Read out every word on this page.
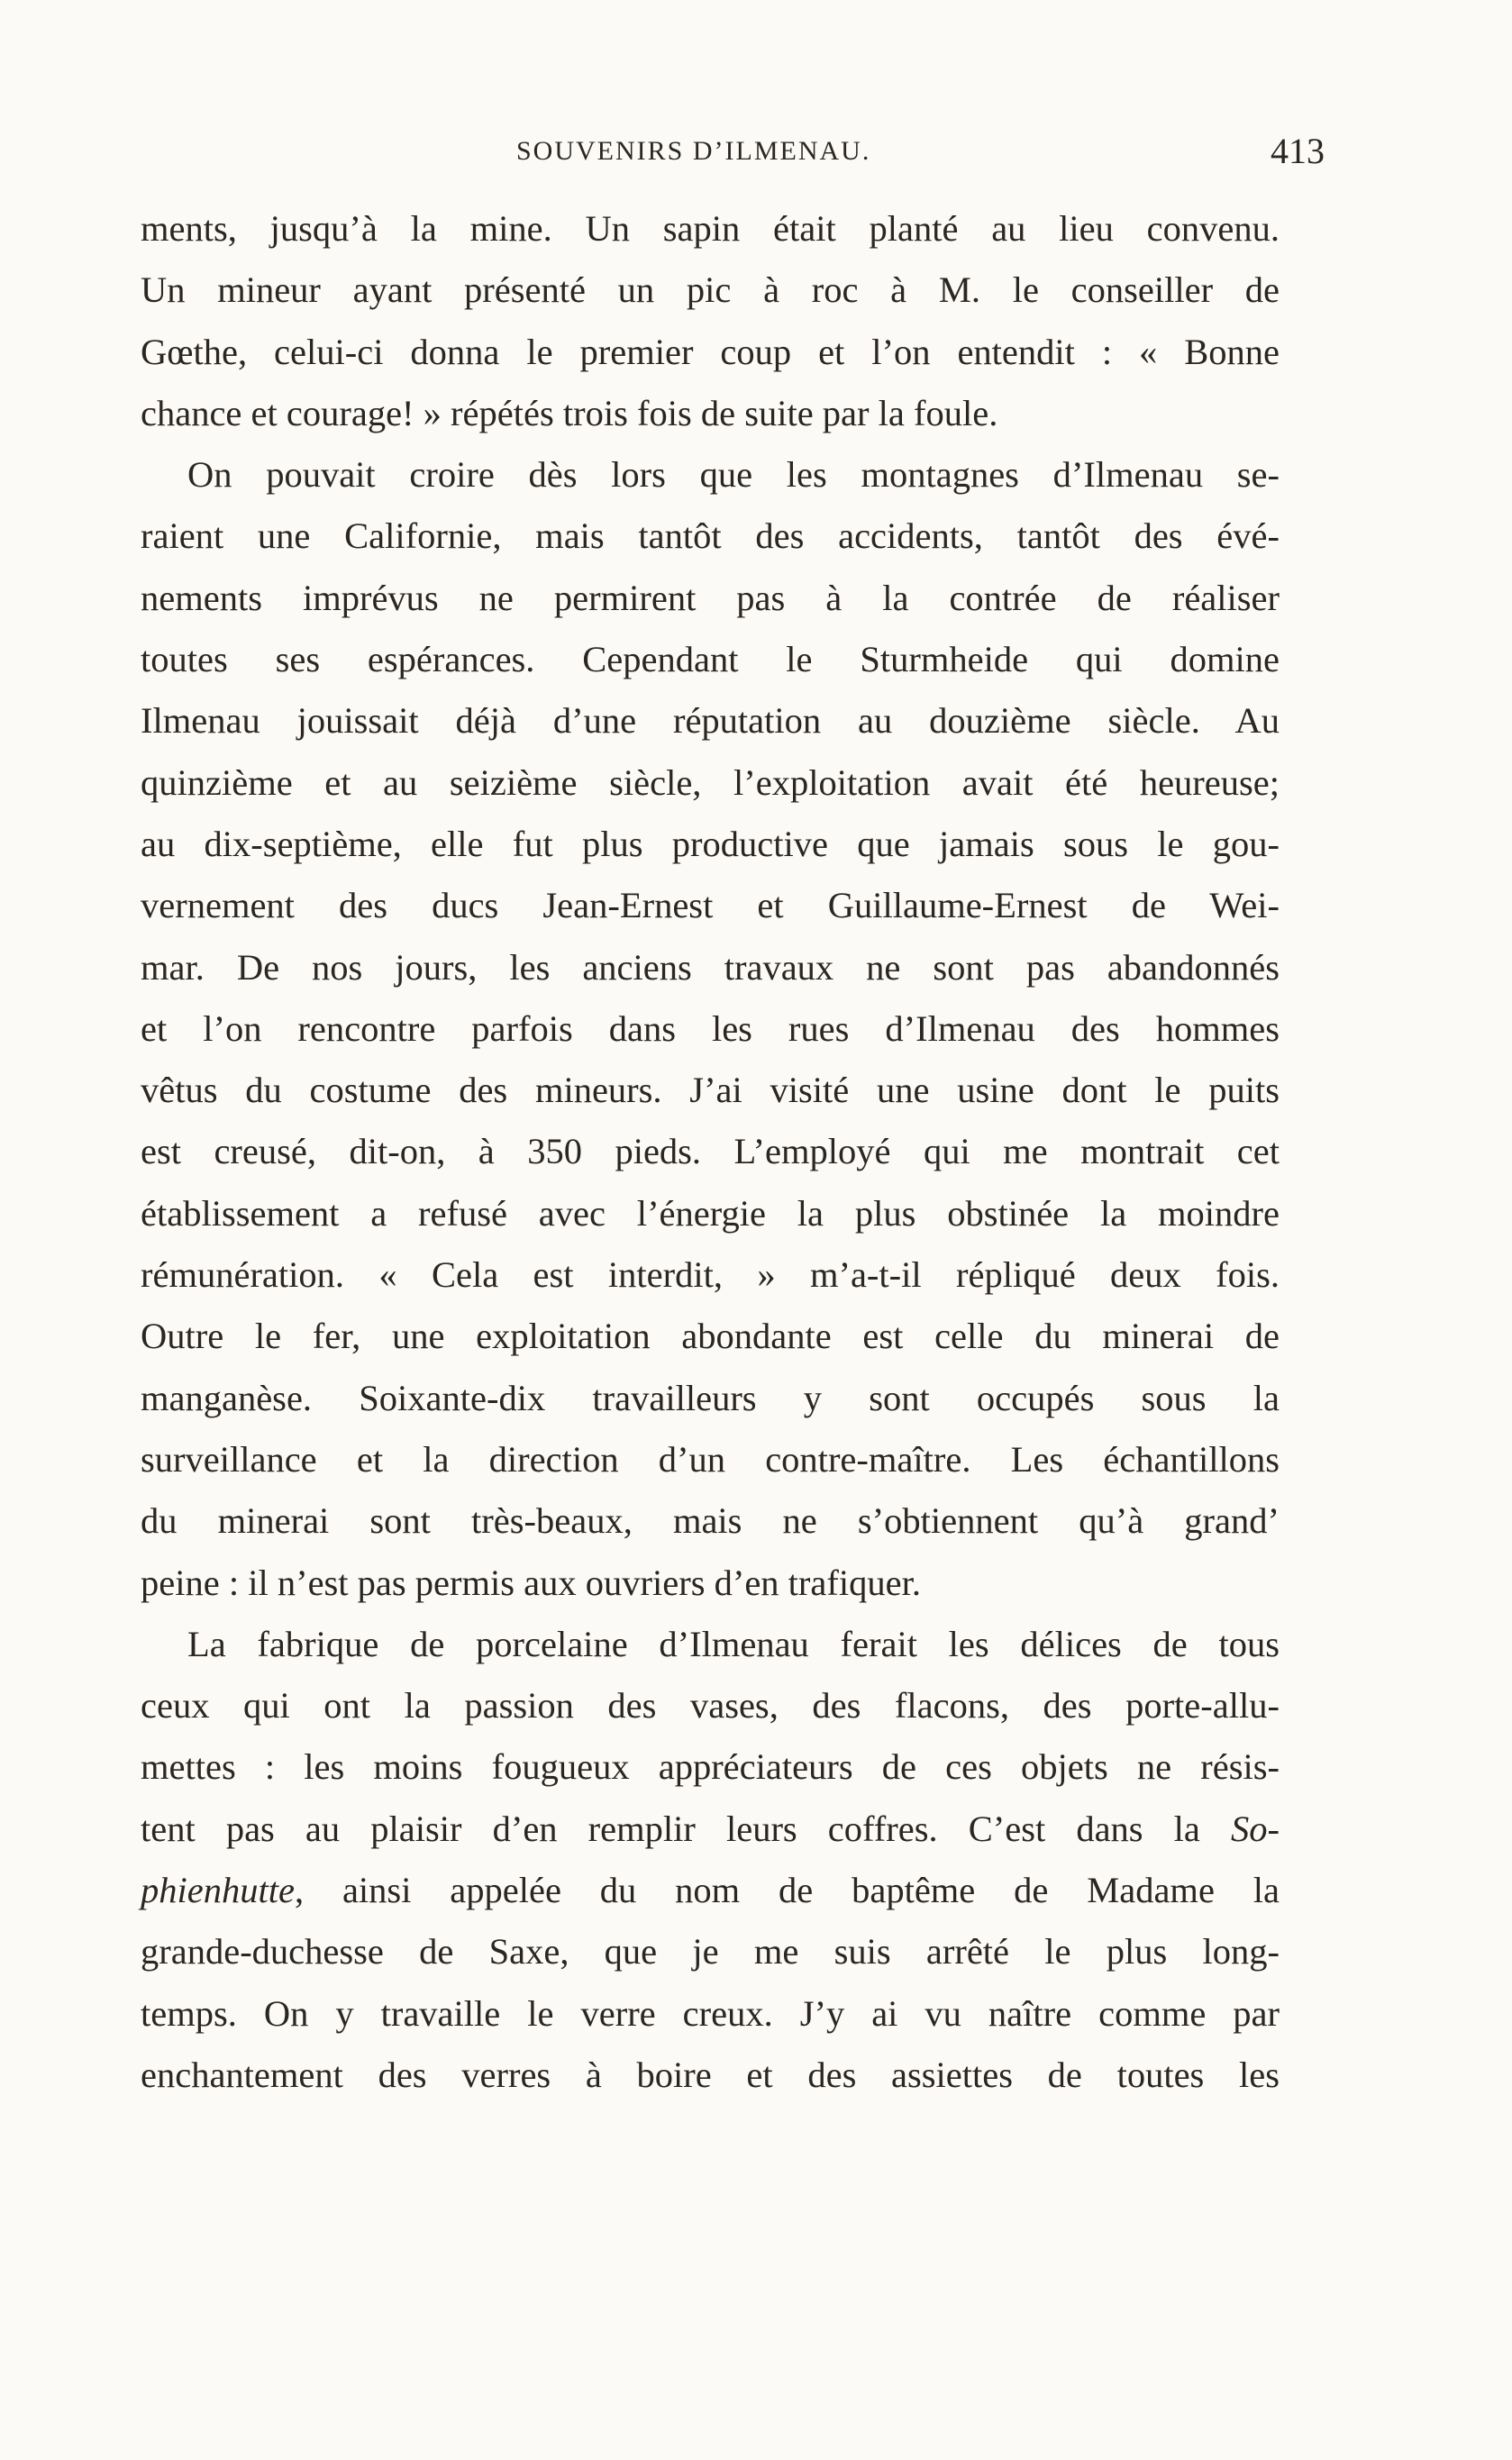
SOUVENIRS D’ILMENAU.	413
ments, jusqu’à la mine. Un sapin était planté au lieu convenu.
Un mineur ayant présenté un pic à roc à M. le conseiller de
Gœthe, celui-ci donna le premier coup et l’on entendit : « Bonne
chance et courage! » répétés trois fois de suite par la foule.
On pouvait croire dès lors que les montagnes d’Ilmenau se-
raient une Californie, mais tantôt des accidents, tantôt des évé-
nements imprévus ne permirent pas à la contrée de réaliser
toutes ses espérances. Cependant le Sturmheide qui domine
Ilmenau jouissait déjà d’une réputation au douzième siècle. Au
quinzième et au seizième siècle, l’exploitation avait été heureuse;
au dix-septième, elle fut plus productive que jamais sous le gou-
vernement des ducs Jean-Ernest et Guillaume-Ernest de Wei-
mar. De nos jours, les anciens travaux ne sont pas abandonnés
et l’on rencontre parfois dans les rues d’Ilmenau des hommes
vêtus du costume des mineurs. J’ai visité une usine dont le puits
est creusé, dit-on, à 350 pieds. L’employé qui me montrait cet
établissement a refusé avec l’énergie la plus obstinée la moindre
rémunération. « Cela est interdit, » m’a-t-il répliqué deux fois.
Outre le fer, une exploitation abondante est celle du minerai de
manganèse. Soixante-dix travailleurs y sont occupés sous la
surveillance et la direction d’un contre-maître. Les échantillons
du minerai sont très-beaux, mais ne s’obtiennent qu’à grand’
peine : il n’est pas permis aux ouvriers d’en trafiquer.
La fabrique de porcelaine d’Ilmenau ferait les délices de tous
ceux qui ont la passion des vases, des flacons, des porte-allu-
mettes : les moins fougueux appréciateurs de ces objets ne résis-
tent pas au plaisir d’en remplir leurs coffres. C’est dans la So-
phienhutte, ainsi appelée du nom de baptême de Madame la
grande-duchesse de Saxe, que je me suis arrêté le plus long-
temps. On y travaille le verre creux. J’y ai vu naître comme par
enchantement des verres à boire et des assiettes de toutes les
